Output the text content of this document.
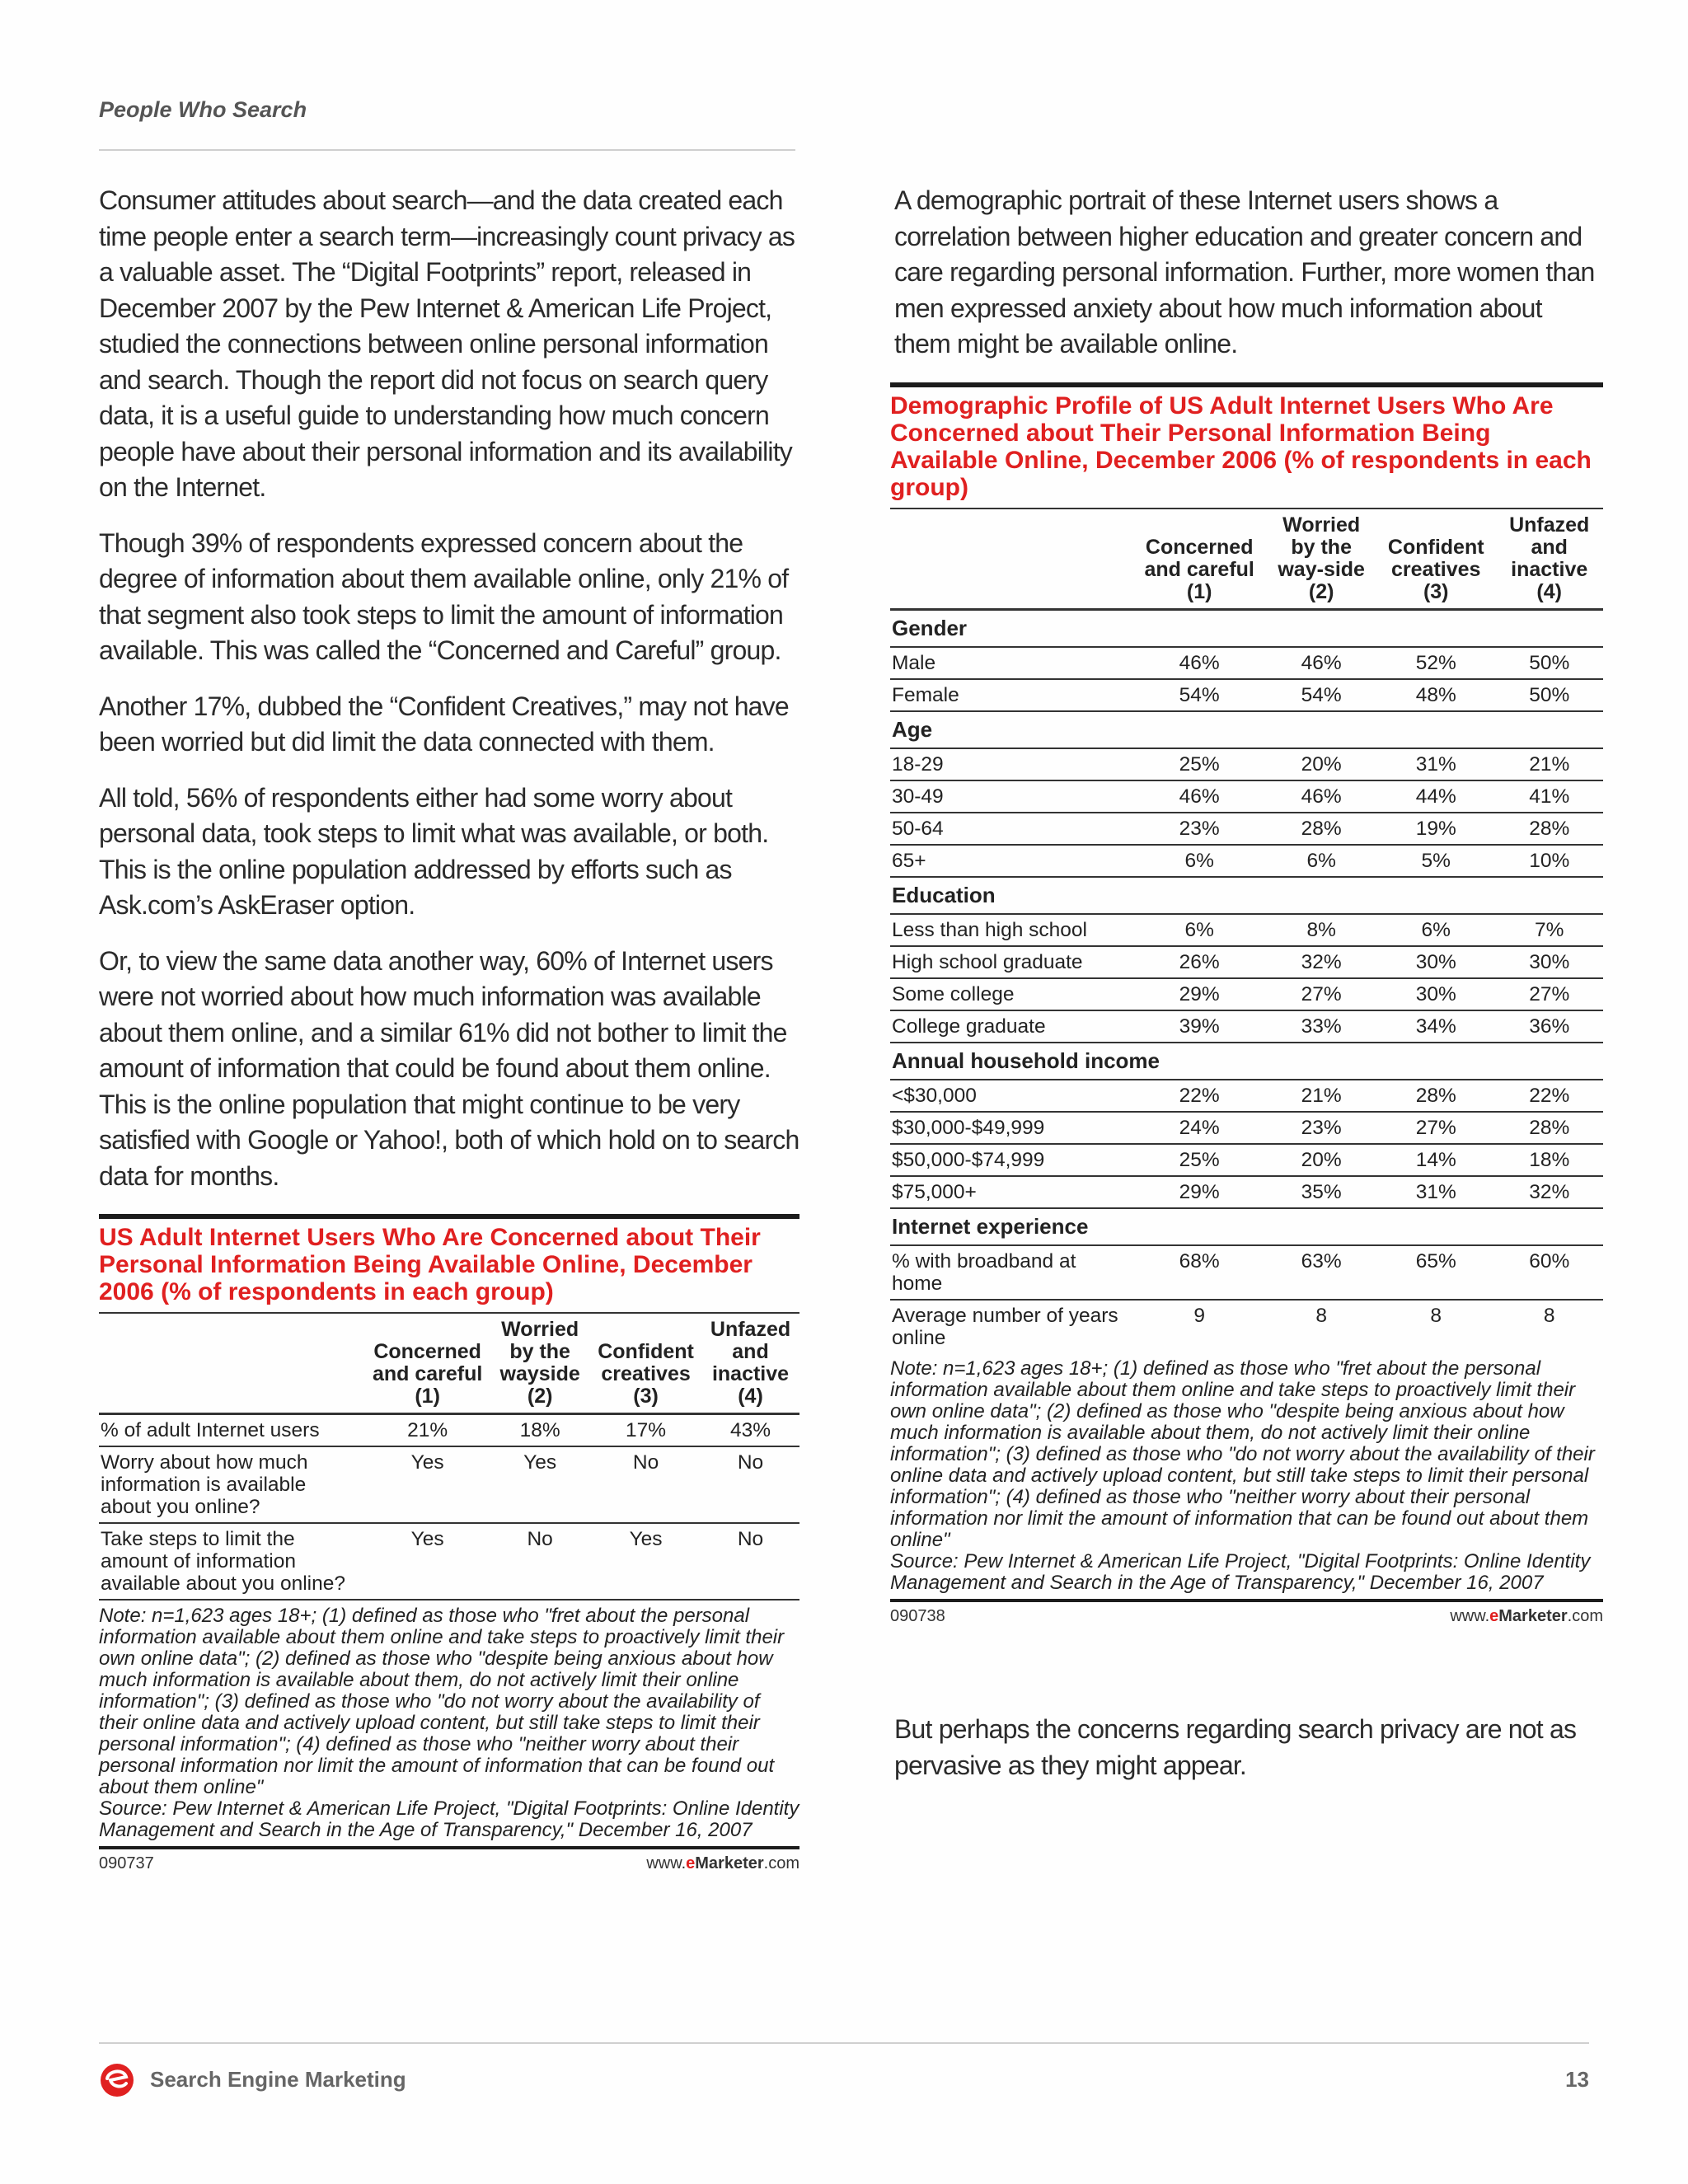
People Who Search

Consumer attitudes about search—and the data created each time people enter a search term—increasingly count privacy as a valuable asset. The “Digital Footprints” report, released in December 2007 by the Pew Internet & American Life Project, studied the connections between online personal information and search. Though the report did not focus on search query data, it is a useful guide to understanding how much concern people have about their personal information and its availability on the Internet.

Though 39% of respondents expressed concern about the degree of information about them available online, only 21% of that segment also took steps to limit the amount of information available. This was called the “Concerned and Careful” group.

Another 17%, dubbed the “Confident Creatives,” may not have been worried but did limit the data connected with them.

All told, 56% of respondents either had some worry about personal data, took steps to limit what was available, or both. This is the online population addressed by efforts such as Ask.com’s AskEraser option.

Or, to view the same data another way, 60% of Internet users were not worried about how much information was available about them online, and a similar 61% did not bother to limit the amount of information that could be found about them online. This is the online population that might continue to be very satisfied with Google or Yahoo!, both of which hold on to search data for months.

US Adult Internet Users Who Are Concerned about Their Personal Information Being Available Online, December 2006 (% of respondents in each group)
	Concerned and careful (1)	Worried by the wayside (2)	Confident creatives (3)	Unfazed and inactive (4)
% of adult Internet users	21%	18%	17%	43%
Worry about how much information is available about you online?	Yes	Yes	No	No
Take steps to limit the amount of information available about you online?	Yes	No	Yes	No
Note: n=1,623 ages 18+; (1) defined as those who "fret about the personal information available about them online and take steps to proactively limit their own online data"; (2) defined as those who "despite being anxious about how much information is available about them, do not actively limit their online information"; (3) defined as those who "do not worry about the availability of their online data and actively upload content, but still take steps to limit their personal information"; (4) defined as those who "neither worry about their personal information nor limit the amount of information that can be found out about them online"
Source: Pew Internet & American Life Project, "Digital Footprints: Online Identity Management and Search in the Age of Transparency," December 16, 2007
090737	www.eMarketer.com

A demographic portrait of these Internet users shows a correlation between higher education and greater concern and care regarding personal information. Further, more women than men expressed anxiety about how much information about them might be available online.

Demographic Profile of US Adult Internet Users Who Are Concerned about Their Personal Information Being Available Online, December 2006 (% of respondents in each group)
	Concerned and careful (1)	Worried by the way-side (2)	Confident creatives (3)	Unfazed and inactive (4)
Gender				
Male	46%	46%	52%	50%
Female	54%	54%	48%	50%
Age				
18-29	25%	20%	31%	21%
30-49	46%	46%	44%	41%
50-64	23%	28%	19%	28%
65+	6%	6%	5%	10%
Education				
Less than high school	6%	8%	6%	7%
High school graduate	26%	32%	30%	30%
Some college	29%	27%	30%	27%
College graduate	39%	33%	34%	36%
Annual household income				
<$30,000	22%	21%	28%	22%
$30,000-$49,999	24%	23%	27%	28%
$50,000-$74,999	25%	20%	14%	18%
$75,000+	29%	35%	31%	32%
Internet experience				
% with broadband at home	68%	63%	65%	60%
Average number of years online	9	8	8	8
Note: n=1,623 ages 18+; (1) defined as those who "fret about the personal information available about them online and take steps to proactively limit their own online data"; (2) defined as those who "despite being anxious about how much information is available about them, do not actively limit their online information"; (3) defined as those who "do not worry about the availability of their online data and actively upload content, but still take steps to limit their personal information"; (4) defined as those who "neither worry about their personal information nor limit the amount of information that can be found out about them online"
Source: Pew Internet & American Life Project, "Digital Footprints: Online Identity Management and Search in the Age of Transparency," December 16, 2007
090738	www.eMarketer.com

But perhaps the concerns regarding search privacy are not as pervasive as they might appear.

Search Engine Marketing	13
